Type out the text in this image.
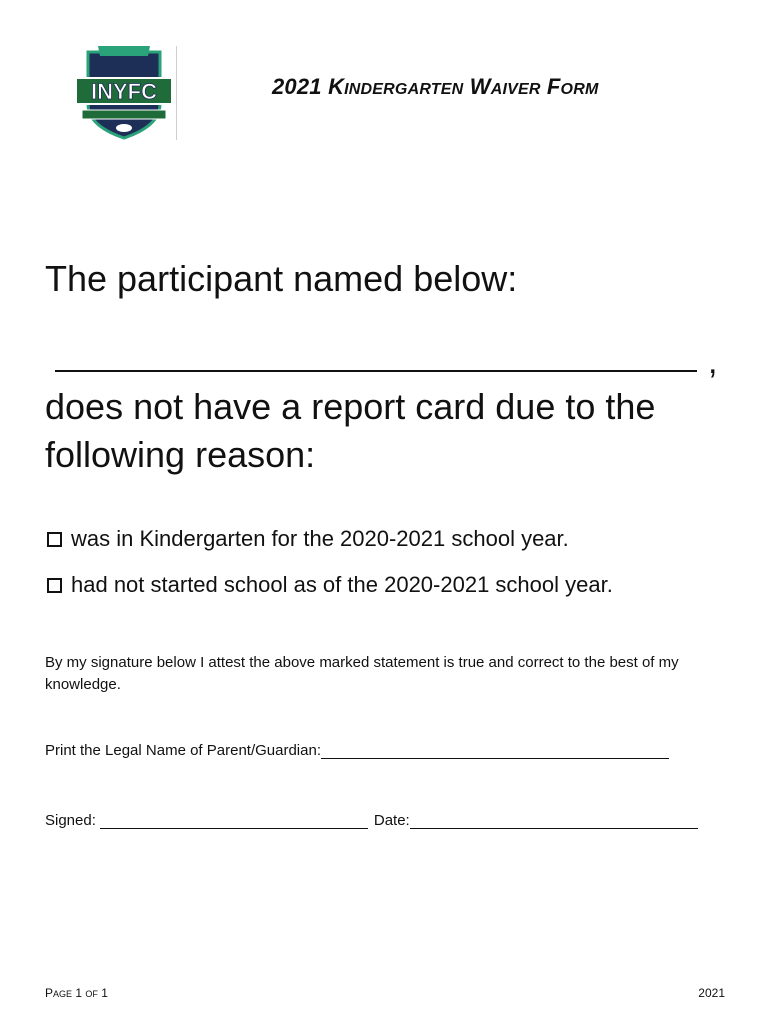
INYFC	2021 KINDERGARTEN WAIVER FORM
The participant named below:
,
does not have a report card due to the following reason:
was in Kindergarten for the 2020-2021 school year.
had not started school as of the 2020-2021 school year.
By my signature below I attest the above marked statement is true and correct to the best of my knowledge.
Print the Legal Name of Parent/Guardian:
Signed:	Date:
PAGE 1 OF 1	2021
